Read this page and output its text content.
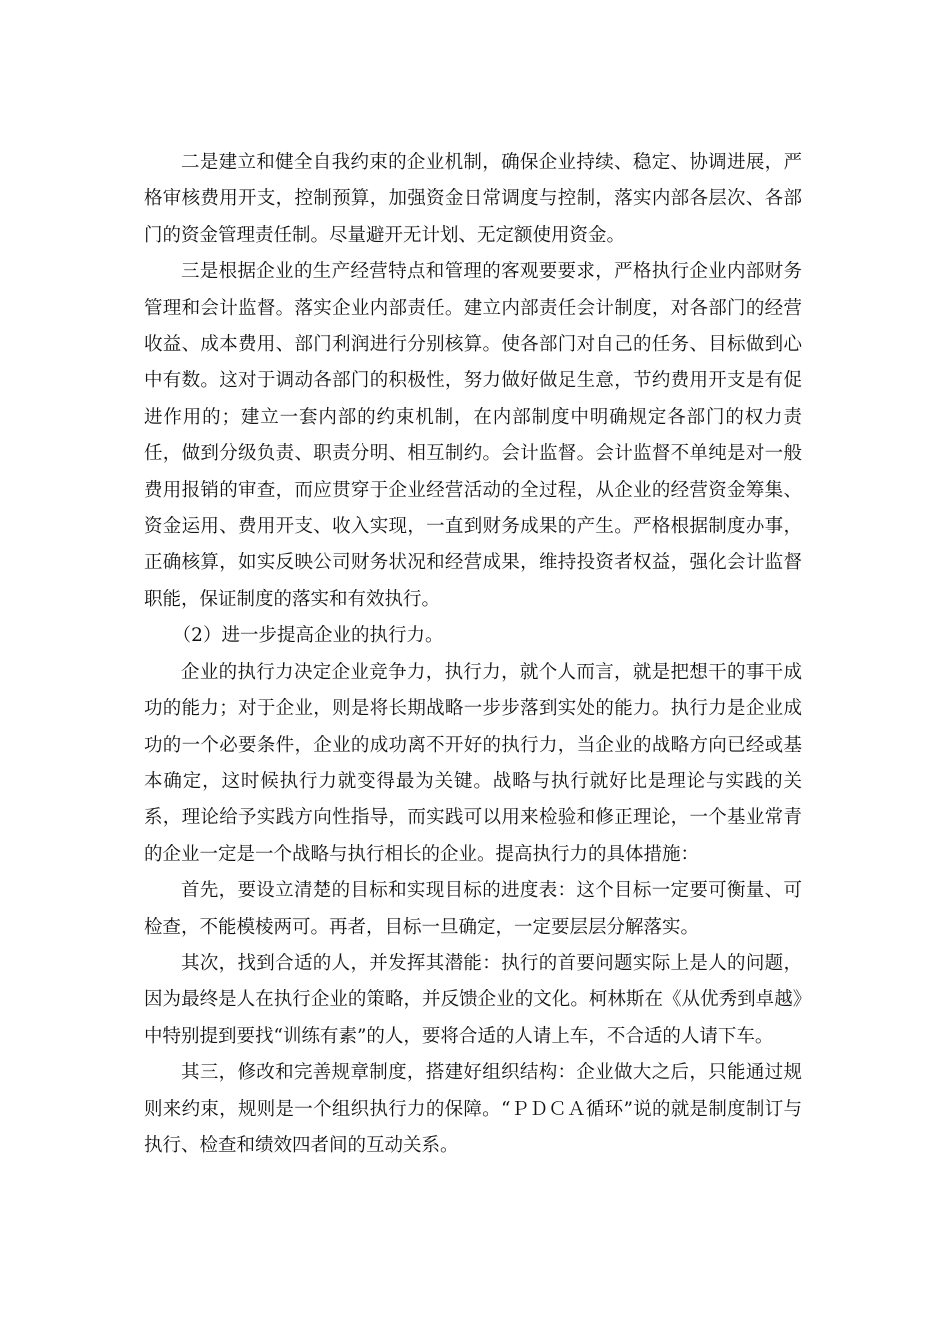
二是建立和健全自我约束的企业机制，确保企业持续、稳定、协调进展，严格审核费用开支，控制预算，加强资金日常调度与控制，落实内部各层次、各部门的资金管理责任制。尽量避开无计划、无定额使用资金。

三是根据企业的生产经营特点和管理的客观要要求，严格执行企业内部财务管理和会计监督。落实企业内部责任。建立内部责任会计制度，对各部门的经营收益、成本费用、部门利润进行分别核算。使各部门对自己的任务、目标做到心中有数。这对于调动各部门的积极性，努力做好做足生意，节约费用开支是有促进作用的；建立一套内部的约束机制，在内部制度中明确规定各部门的权力责任，做到分级负责、职责分明、相互制约。会计监督。会计监督不单纯是对一般费用报销的审查，而应贯穿于企业经营活动的全过程，从企业的经营资金筹集、资金运用、费用开支、收入实现，一直到财务成果的产生。严格根据制度办事，正确核算，如实反映公司财务状况和经营成果，维持投资者权益，强化会计监督职能，保证制度的落实和有效执行。

（2）进一步提高企业的执行力。

企业的执行力决定企业竞争力，执行力，就个人而言，就是把想干的事干成功的能力；对于企业，则是将长期战略一步步落到实处的能力。执行力是企业成功的一个必要条件，企业的成功离不开好的执行力，当企业的战略方向已经或基本确定，这时候执行力就变得最为关键。战略与执行就好比是理论与实践的关系，理论给予实践方向性指导，而实践可以用来检验和修正理论，一个基业常青的企业一定是一个战略与执行相长的企业。提高执行力的具体措施：

首先，要设立清楚的目标和实现目标的进度表：这个目标一定要可衡量、可检查，不能模棱两可。再者，目标一旦确定，一定要层层分解落实。

其次，找到合适的人，并发挥其潜能：执行的首要问题实际上是人的问题，因为最终是人在执行企业的策略，并反馈企业的文化。柯林斯在《从优秀到卓越》中特别提到要找“训练有素”的人，要将合适的人请上车，不合适的人请下车。

其三，修改和完善规章制度，搭建好组织结构：企业做大之后，只能通过规则来约束，规则是一个组织执行力的保障。“ＰＤＣＡ循环”说的就是制度制订与执行、检查和绩效四者间的互动关系。
